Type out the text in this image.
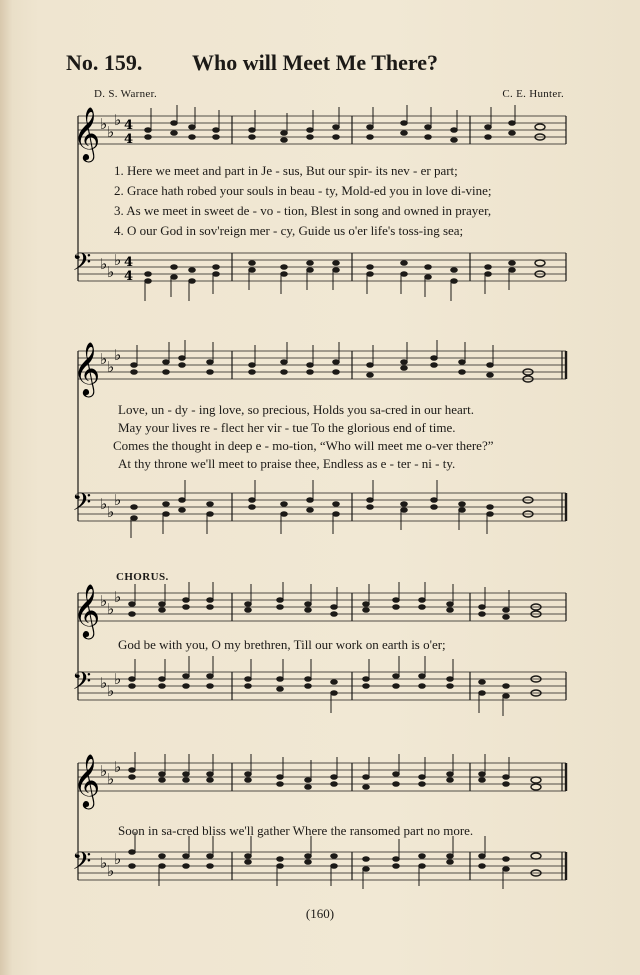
No. 159. Who will Meet Me There?
D. S. Warner.	C. E. Hunter.
𝄞
𝄢
♭ ♭
♭
♭ ♭
♭
4
4
4
4
1. Here we meet and part in Je - sus, But our spir- its nev - er part;
2. Grace hath robed your souls in beau - ty, Mold-ed you in love di-vine;
3. As we meet in sweet de - vo - tion, Blest in song and owned in prayer,
4. O our God in sov'reign mer - cy, Guide us o'er life's toss-ing sea;
𝄞
𝄢
♭ ♭
♭
♭ ♭
♭
Love, un - dy - ing love, so precious, Holds you sa-cred in our heart.
May your lives re - flect her vir - tue To the glorious end of time.
Comes the thought in deep e - mo-tion, “Who will meet me o-ver there?”
At thy throne we'll meet to praise thee, Endless as e - ter - ni - ty.
CHORUS.
𝄞
𝄢
♭ ♭
♭
♭ ♭
♭
God be with you, O my brethren, Till our work on earth is o'er;
𝄞
𝄢
♭ ♭
♭
♭ ♭
♭
Soon in sa-cred bliss we'll gather Where the ransomed part no more.
(160)
